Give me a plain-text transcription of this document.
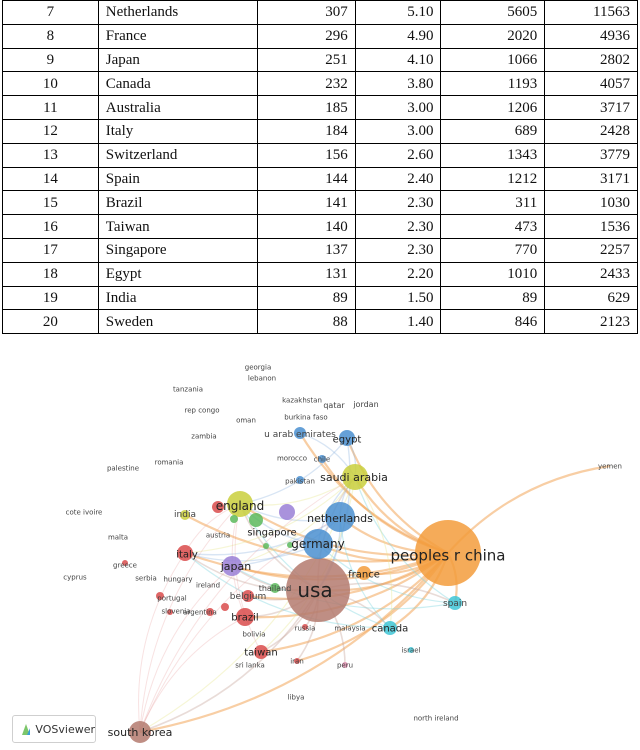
7	Netherlands	307	5.10	5605	11563
8	France	296	4.90	2020	4936
9	Japan	251	4.10	1066	2802
10	Canada	232	3.80	1193	4057
11	Australia	185	3.00	1206	3717
12	Italy	184	3.00	689	2428
13	Switzerland	156	2.60	1343	3779
14	Spain	144	2.40	1212	3171
15	Brazil	141	2.30	311	1030
16	Taiwan	140	2.30	473	1536
17	Singapore	137	2.30	770	2257
18	Egypt	131	2.20	1010	2433
19	India	89	1.50	89	629
20	Sweden	88	1.40	846	2123
georgia
lebanon
tanzania
kazakhstan
qatar jordan
burkina faso
rep congo
oman
u arab emirates
egypt
zambia
morocco chile
yemen
palestine
romania
pakistan saudi arabia
cote ivoire	england
india	netherlands
austria singapore
malta	germany
peoples r china
italy
greece
serbia hungary
japan
usa
france
cyprus
portugal
ireland	thailand
belgium
spain
slovenia
argentina
brazil
russia	malaysia canada
bolivia
israel
taiwan
iran
sri lanka	peru
libya
north ireland
south korea
VOSviewer
